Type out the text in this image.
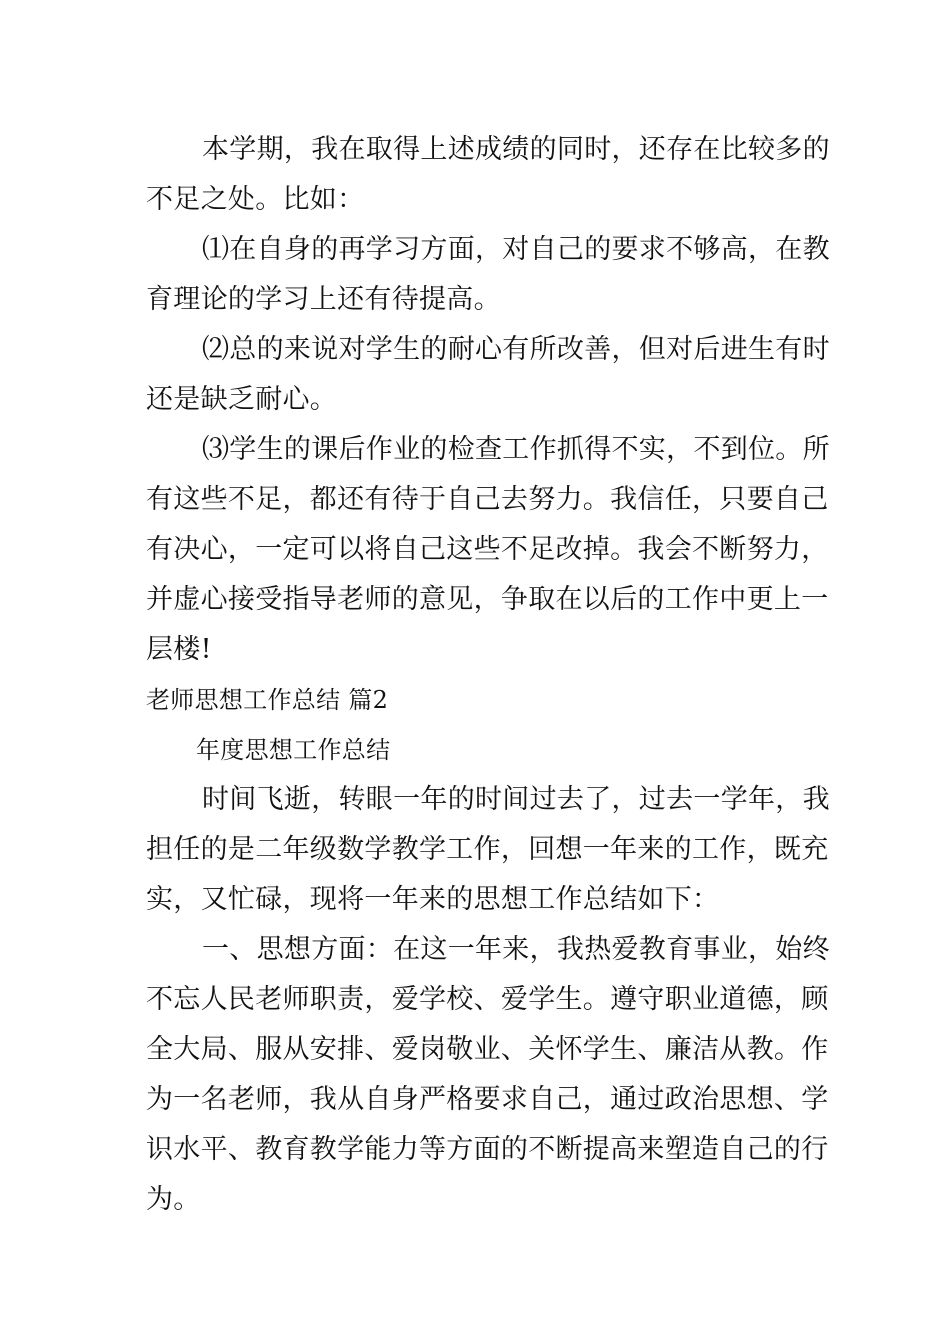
本学期，我在取得上述成绩的同时，还存在比较多的
不足之处。比如：
⑴在自身的再学习方面，对自己的要求不够高，在教
育理论的学习上还有待提高。
⑵总的来说对学生的耐心有所改善，但对后进生有时
还是缺乏耐心。
⑶学生的课后作业的检查工作抓得不实，不到位。所
有这些不足，都还有待于自己去努力。我信任，只要自己
有决心，一定可以将自己这些不足改掉。我会不断努力，
并虚心接受指导老师的意见，争取在以后的工作中更上一
层楼!
老师思想工作总结 篇2
年度思想工作总结
时间飞逝，转眼一年的时间过去了，过去一学年，我
担任的是二年级数学教学工作，回想一年来的工作，既充
实，又忙碌，现将一年来的思想工作总结如下：
一、思想方面：在这一年来，我热爱教育事业，始终
不忘人民老师职责，爱学校、爱学生。遵守职业道德，顾
全大局、服从安排、爱岗敬业、关怀学生、廉洁从教。作
为一名老师，我从自身严格要求自己，通过政治思想、学
识水平、教育教学能力等方面的不断提高来塑造自己的行
为。
